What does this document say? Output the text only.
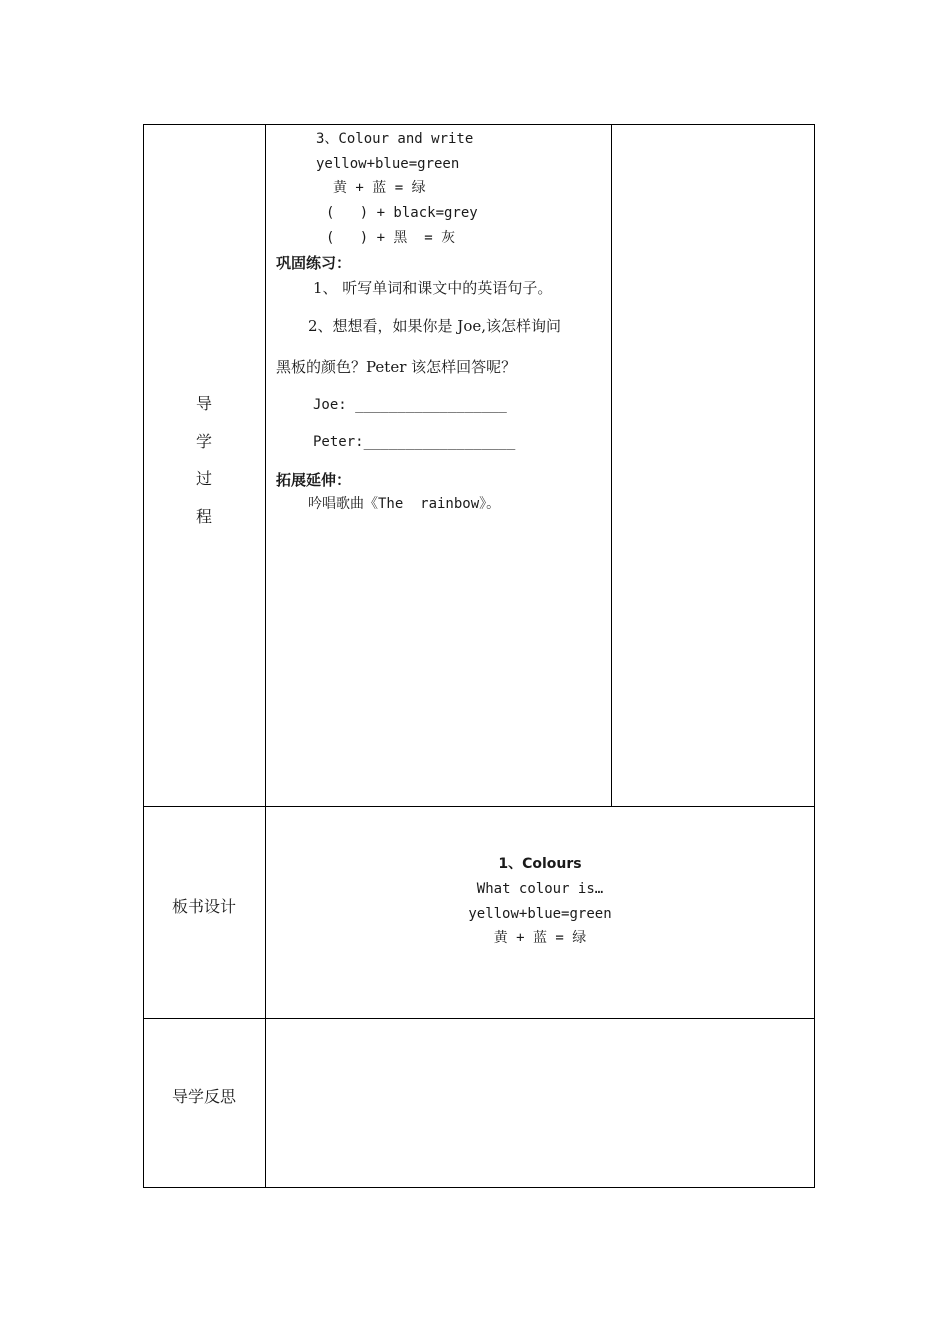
导
学
过
程
3、Colour and write
yellow+blue=green
黄 + 蓝 = 绿
(   ) + black=grey
(   ) + 黑  = 灰
巩固练习：
1、 听写单词和课文中的英语句子。
2、想想看，如果你是 Joe,该怎样询问
黑板的颜色？Peter 该怎样回答呢？
Joe: __________________
Peter:__________________
拓展延伸：
吟唱歌曲《The  rainbow》。
板书设计
1、Colours
What colour is…
yellow+blue=green
黄 + 蓝 = 绿
导学反思
